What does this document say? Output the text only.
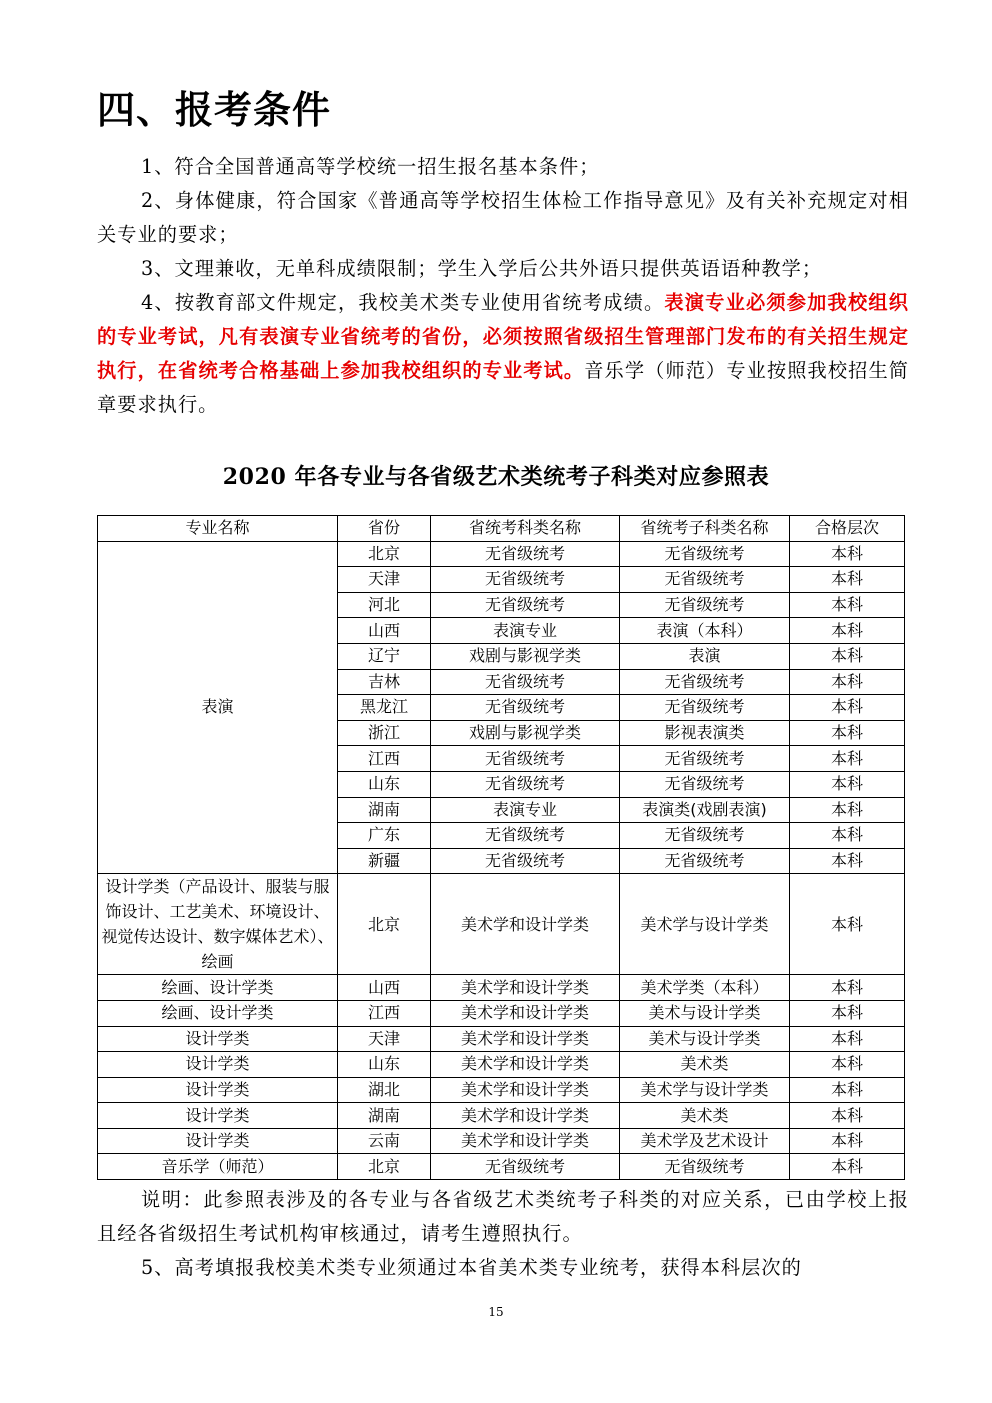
四、报考条件

1、符合全国普通高等学校统一招生报名基本条件；

2、身体健康，符合国家《普通高等学校招生体检工作指导意见》及有关补充规定对相关专业的要求；

3、文理兼收，无单科成绩限制；学生入学后公共外语只提供英语语种教学；

4、按教育部文件规定，我校美术类专业使用省统考成绩。表演专业必须参加我校组织的专业考试，凡有表演专业省统考的省份，必须按照省级招生管理部门发布的有关招生规定执行，在省统考合格基础上参加我校组织的专业考试。音乐学（师范）专业按照我校招生简章要求执行。

2020 年各专业与各省级艺术类统考子科类对应参照表
专业名称	省份	省统考科类名称	省统考子科类名称	合格层次
表演	北京	无省级统考	无省级统考	本科
	天津	无省级统考	无省级统考	本科
	河北	无省级统考	无省级统考	本科
	山西	表演专业	表演（本科）	本科
	辽宁	戏剧与影视学类	表演	本科
	吉林	无省级统考	无省级统考	本科
	黑龙江	无省级统考	无省级统考	本科
	浙江	戏剧与影视学类	影视表演类	本科
	江西	无省级统考	无省级统考	本科
	山东	无省级统考	无省级统考	本科
	湖南	表演专业	表演类(戏剧表演)	本科
	广东	无省级统考	无省级统考	本科
	新疆	无省级统考	无省级统考	本科
设计学类（产品设计、服装与服饰设计、工艺美术、环境设计、视觉传达设计、数字媒体艺术）、绘画	北京	美术学和设计学类	美术学与设计学类	本科
绘画、设计学类	山西	美术学和设计学类	美术学类（本科）	本科
绘画、设计学类	江西	美术学和设计学类	美术与设计学类	本科
设计学类	天津	美术学和设计学类	美术与设计学类	本科
设计学类	山东	美术学和设计学类	美术类	本科
设计学类	湖北	美术学和设计学类	美术学与设计学类	本科
设计学类	湖南	美术学和设计学类	美术类	本科
设计学类	云南	美术学和设计学类	美术学及艺术设计	本科
音乐学（师范）	北京	无省级统考	无省级统考	本科

说明：此参照表涉及的各专业与各省级艺术类统考子科类的对应关系，已由学校上报且经各省级招生考试机构审核通过，请考生遵照执行。

5、高考填报我校美术类专业须通过本省美术类专业统考，获得本科层次的

15
